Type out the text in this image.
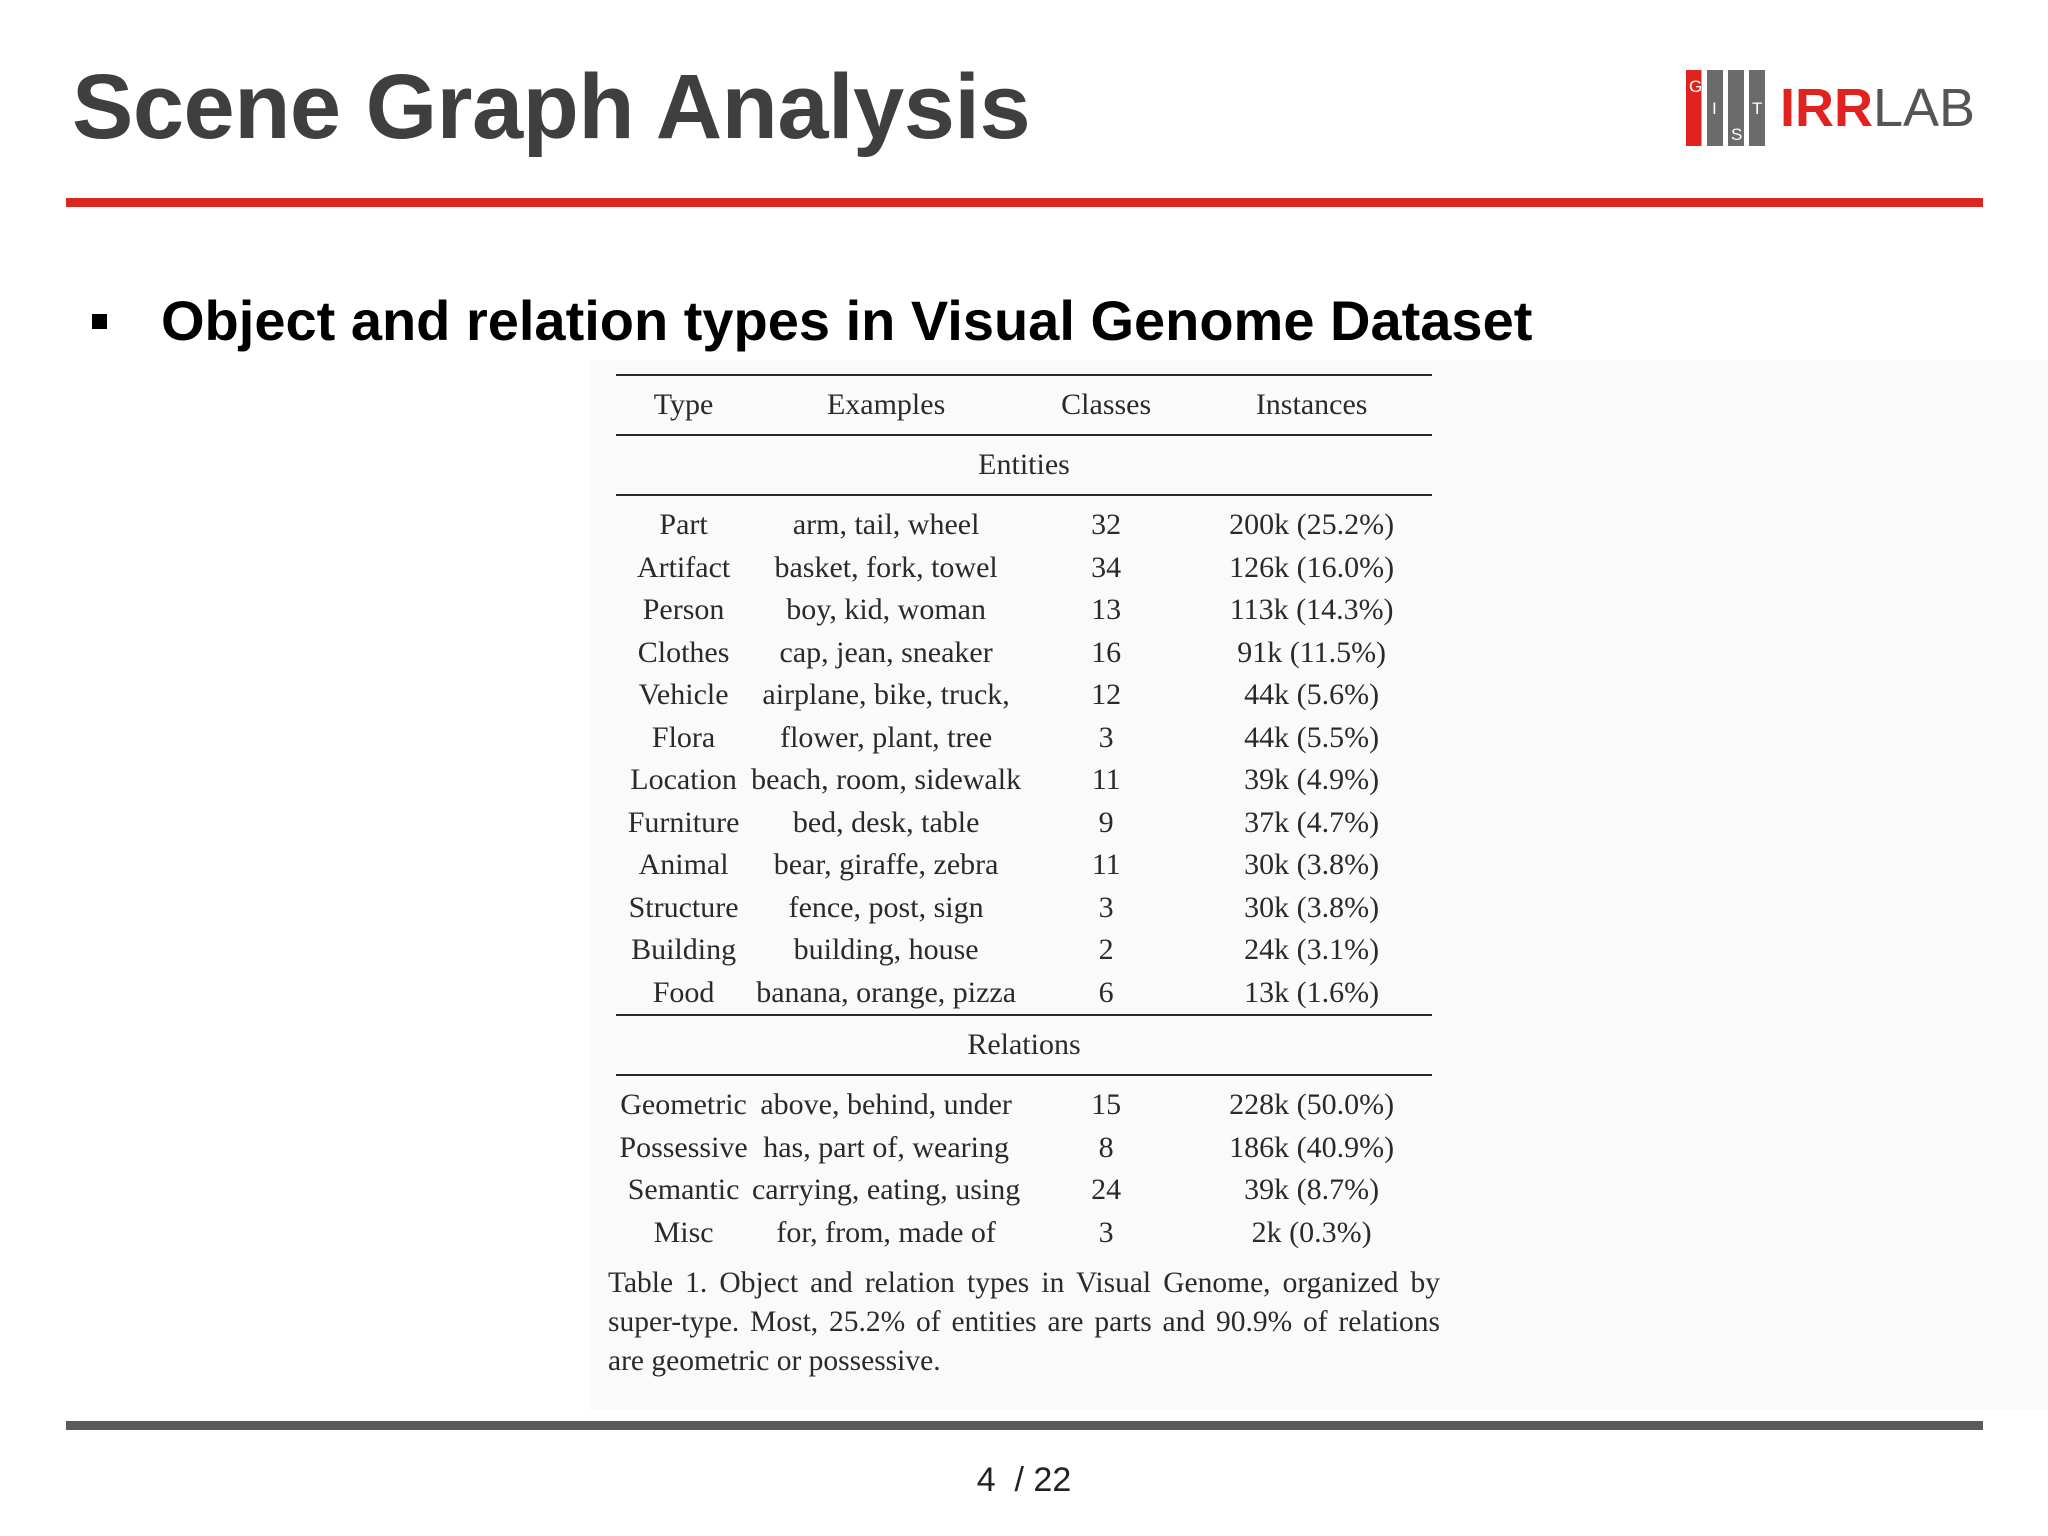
Scene Graph Analysis	G
I
S
T IRRLAB
Object and relation types in Visual Genome Dataset
Type	Examples	Classes	Instances
Entities			
Part	arm, tail, wheel	32	200k (25.2%)
Artifact	basket, fork, towel	34	126k (16.0%)
Person	boy, kid, woman	13	113k (14.3%)
Clothes	cap, jean, sneaker	16	91k (11.5%)
Vehicle	airplane, bike, truck,	12	44k (5.6%)
Flora	flower, plant, tree	3	44k (5.5%)
Location	beach, room, sidewalk	11	39k (4.9%)
Furniture	bed, desk, table	9	37k (4.7%)
Animal	bear, giraffe, zebra	11	30k (3.8%)
Structure	fence, post, sign	3	30k (3.8%)
Building	building, house	2	24k (3.1%)
Food	banana, orange, pizza	6	13k (1.6%)
Relations			
Geometric	above, behind, under	15	228k (50.0%)
Possessive	has, part of, wearing	8	186k (40.9%)
Semantic	carrying, eating, using	24	39k (8.7%)
Misc	for, from, made of	3	2k (0.3%)

Table 1. Object and relation types in Visual Genome, organized by super-type. Most, 25.2% of entities are parts and 90.9% of relations are geometric or possessive.

4  / 22
